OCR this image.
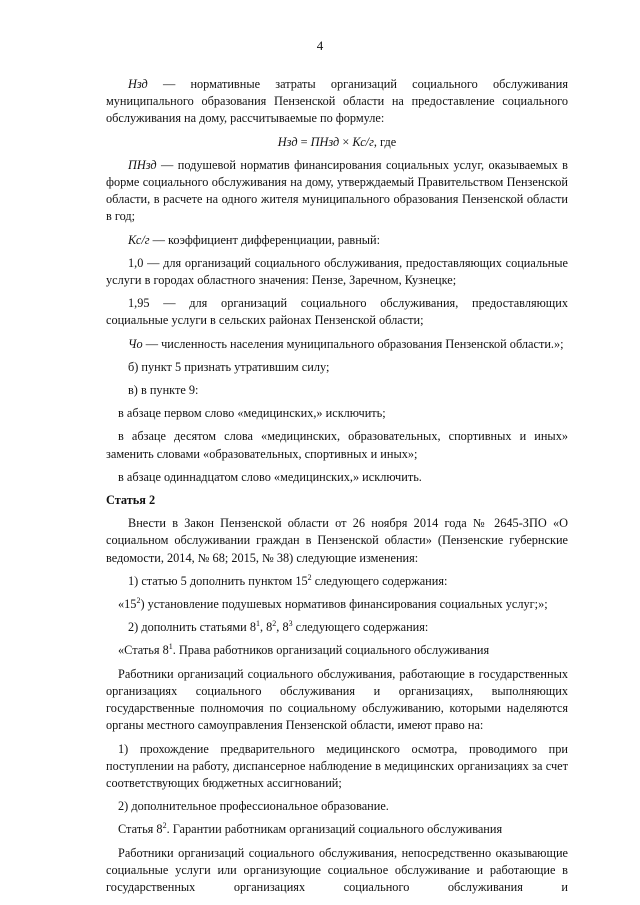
4

Нзд — нормативные затраты организаций социального обслуживания муниципального образования Пензенской области на предоставление социального обслуживания на дому, рассчитываемые по формуле:

Нзд = ПНзд × Кс/г, где

ПНзд — подушевой норматив финансирования социальных услуг, оказываемых в форме социального обслуживания на дому, утверждаемый Правительством Пензенской области, в расчете на одного жителя муниципального образования Пензенской области в год;

Кс/г — коэффициент дифференциации, равный:

1,0 — для организаций социального обслуживания, предоставляющих социальные услуги в городах областного значения: Пензе, Заречном, Кузнецке;

1,95 — для организаций социального обслуживания, предоставляющих социальные услуги в сельских районах Пензенской области;

Чо — численность населения муниципального образования Пензенской области.»;

б) пункт 5 признать утратившим силу;

в) в пункте 9:

в абзаце первом слово «медицинских,» исключить;

в абзаце десятом слова «медицинских, образовательных, спортивных и иных» заменить словами «образовательных, спортивных и иных»;

в абзаце одиннадцатом слово «медицинских,» исключить.

Статья 2

Внести в Закон Пензенской области от 26 ноября 2014 года № 2645-ЗПО «О социальном обслуживании граждан в Пензенской области» (Пензенские губернские ведомости, 2014, № 68; 2015, № 38) следующие изменения:

1) статью 5 дополнить пунктом $15^2$ следующего содержания:

«$15^2$) установление подушевых нормативов финансирования социальных услуг;»;

2) дополнить статьями $8^1$, $8^2$, $8^3$ следующего содержания:

«Статья $8^1$. Права работников организаций социального обслуживания

Работники организаций социального обслуживания, работающие в государственных организациях социального обслуживания и организациях, выполняющих государственные полномочия по социальному обслуживанию, которыми наделяются органы местного самоуправления Пензенской области, имеют право на:

1) прохождение предварительного медицинского осмотра, проводимого при поступлении на работу, диспансерное наблюдение в медицинских организациях за счет соответствующих бюджетных ассигнований;

2) дополнительное профессиональное образование.

Статья $8^2$. Гарантии работникам организаций социального обслуживания

Работники организаций социального обслуживания, непосредственно оказывающие социальные услуги или организующие социальное обслуживание и работающие в государственных организациях социального обслуживания и
